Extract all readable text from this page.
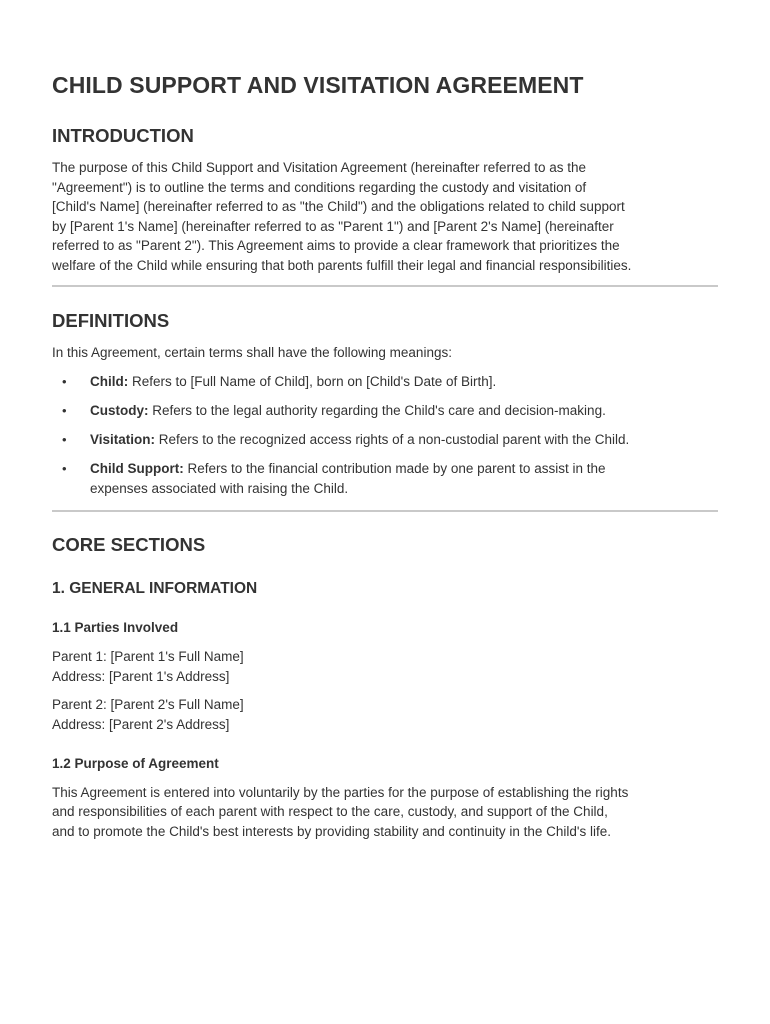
CHILD SUPPORT AND VISITATION AGREEMENT
INTRODUCTION

The purpose of this Child Support and Visitation Agreement (hereinafter referred to as the

"Agreement") is to outline the terms and conditions regarding the custody and visitation of

[Child's Name] (hereinafter referred to as "the Child") and the obligations related to child support

by [Parent 1's Name] (hereinafter referred to as "Parent 1") and [Parent 2's Name] (hereinafter

referred to as "Parent 2"). This Agreement aims to provide a clear framework that prioritizes the

welfare of the Child while ensuring that both parents fulfill their legal and financial responsibilities.

DEFINITIONS

In this Agreement, certain terms shall have the following meanings:

• Child: Refers to [Full Name of Child], born on [Child's Date of Birth].
• Custody: Refers to the legal authority regarding the Child's care and decision-making.
• Visitation: Refers to the recognized access rights of a non-custodial parent with the Child.
• Child Support: Refers to the financial contribution made by one parent to assist in the
expenses associated with raising the Child.
CORE SECTIONS
1. GENERAL INFORMATION
1.1 Parties Involved

Parent 1: [Parent 1's Full Name]

Address: [Parent 1's Address]

Parent 2: [Parent 2's Full Name]

Address: [Parent 2's Address]

1.2 Purpose of Agreement

This Agreement is entered into voluntarily by the parties for the purpose of establishing the rights

and responsibilities of each parent with respect to the care, custody, and support of the Child,

and to promote the Child's best interests by providing stability and continuity in the Child's life.
